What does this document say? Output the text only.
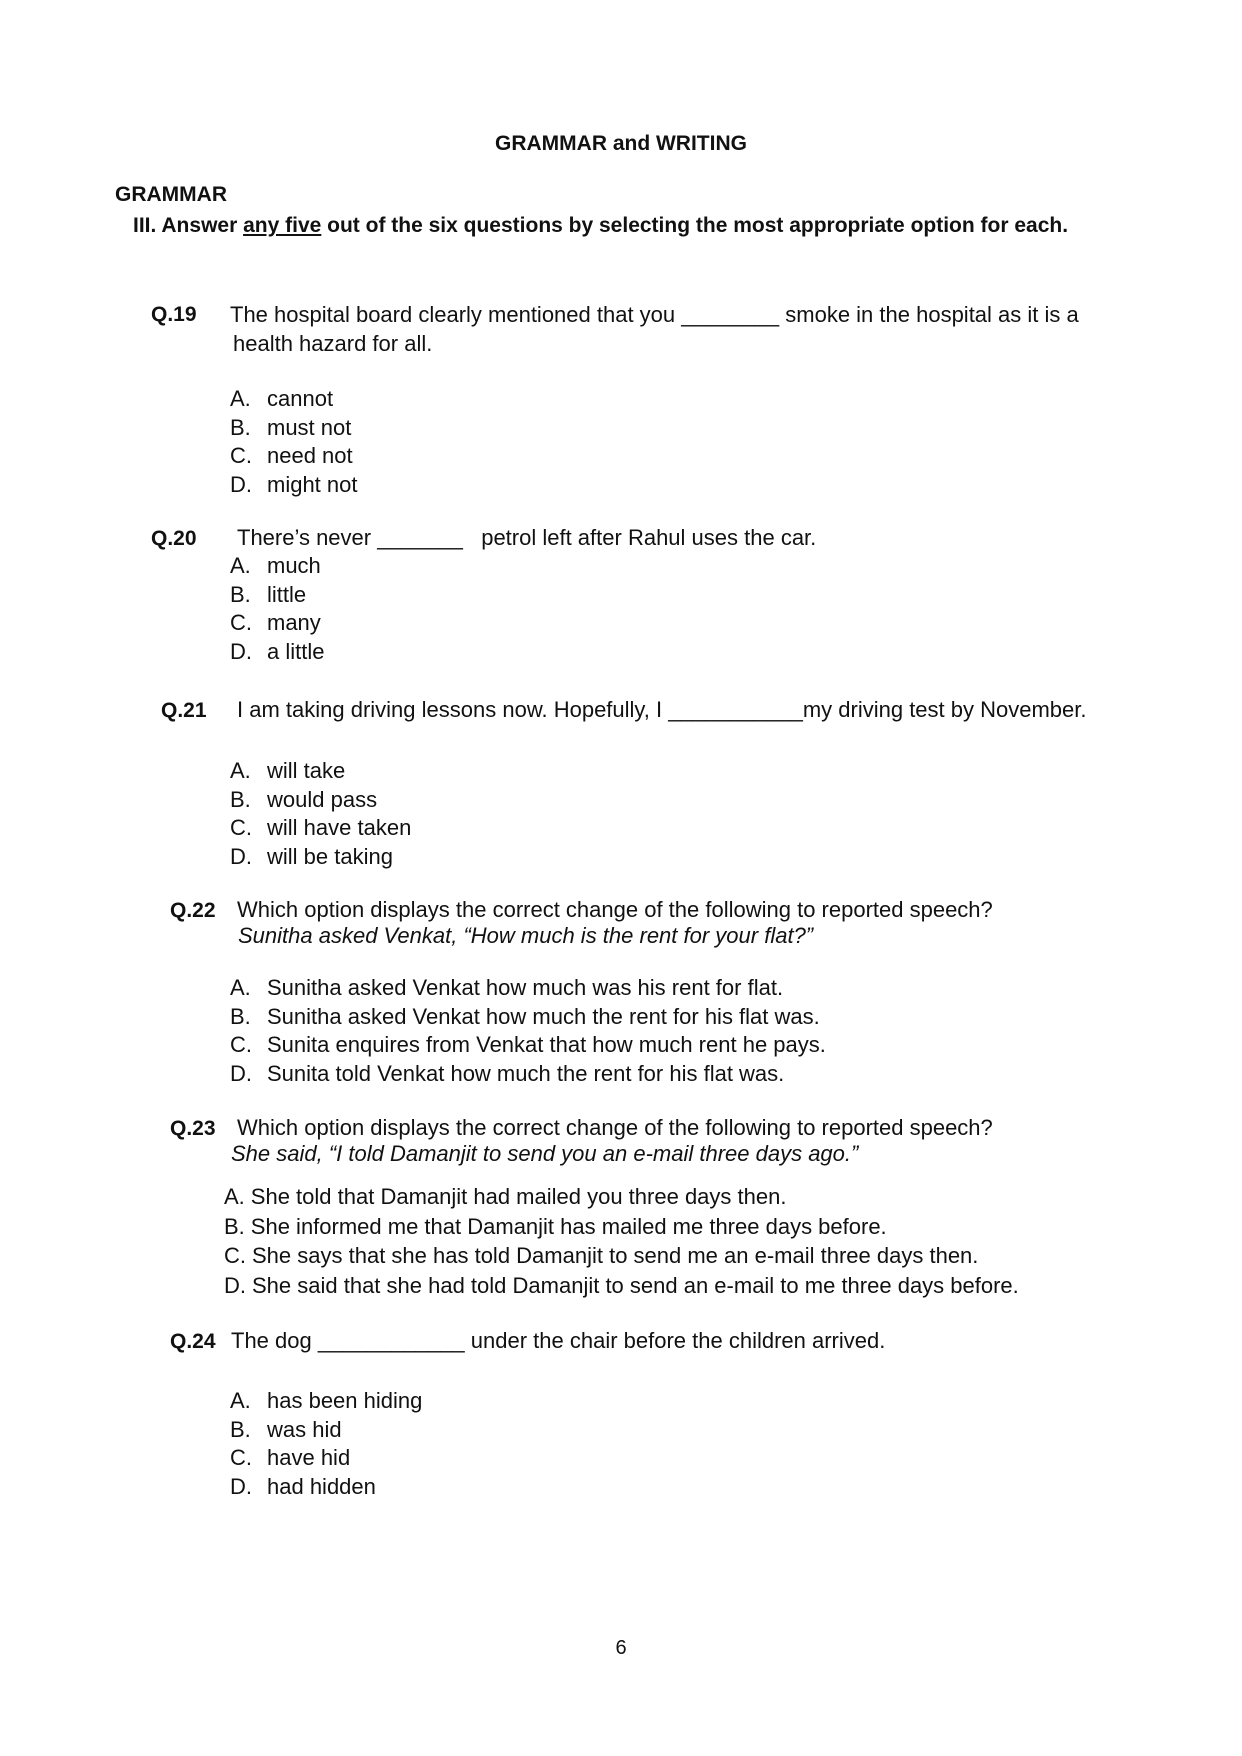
GRAMMAR and WRITING
GRAMMAR
III. Answer any five out of the six questions by selecting the most appropriate option for each.
Q.19 The hospital board clearly mentioned that you ________ smoke in the hospital as it is a
health hazard for all.
A. cannot
B. must not
C. need not
D. might not
Q.20 There’s never _______   petrol left after Rahul uses the car.
A. much
B. little
C. many
D. a little
Q.21 I am taking driving lessons now. Hopefully, I ___________my driving test by November.
A. will take
B. would pass
C. will have taken
D. will be taking
Q.22 Which option displays the correct change of the following to reported speech?
Sunitha asked Venkat, “How much is the rent for your flat?”
A. Sunitha asked Venkat how much was his rent for flat.
B. Sunitha asked Venkat how much the rent for his flat was.
C. Sunita enquires from Venkat that how much rent he pays.
D. Sunita told Venkat how much the rent for his flat was.
Q.23 Which option displays the correct change of the following to reported speech?
She said, “I told Damanjit to send you an e-mail three days ago.”
A. She told that Damanjit had mailed you three days then.
B. She informed me that Damanjit has mailed me three days before.
C. She says that she has told Damanjit to send me an e-mail three days then.
D. She said that she had told Damanjit to send an e-mail to me three days before.
Q.24 The dog ____________ under the chair before the children arrived.
A. has been hiding
B. was hid
C. have hid
D. had hidden
6
